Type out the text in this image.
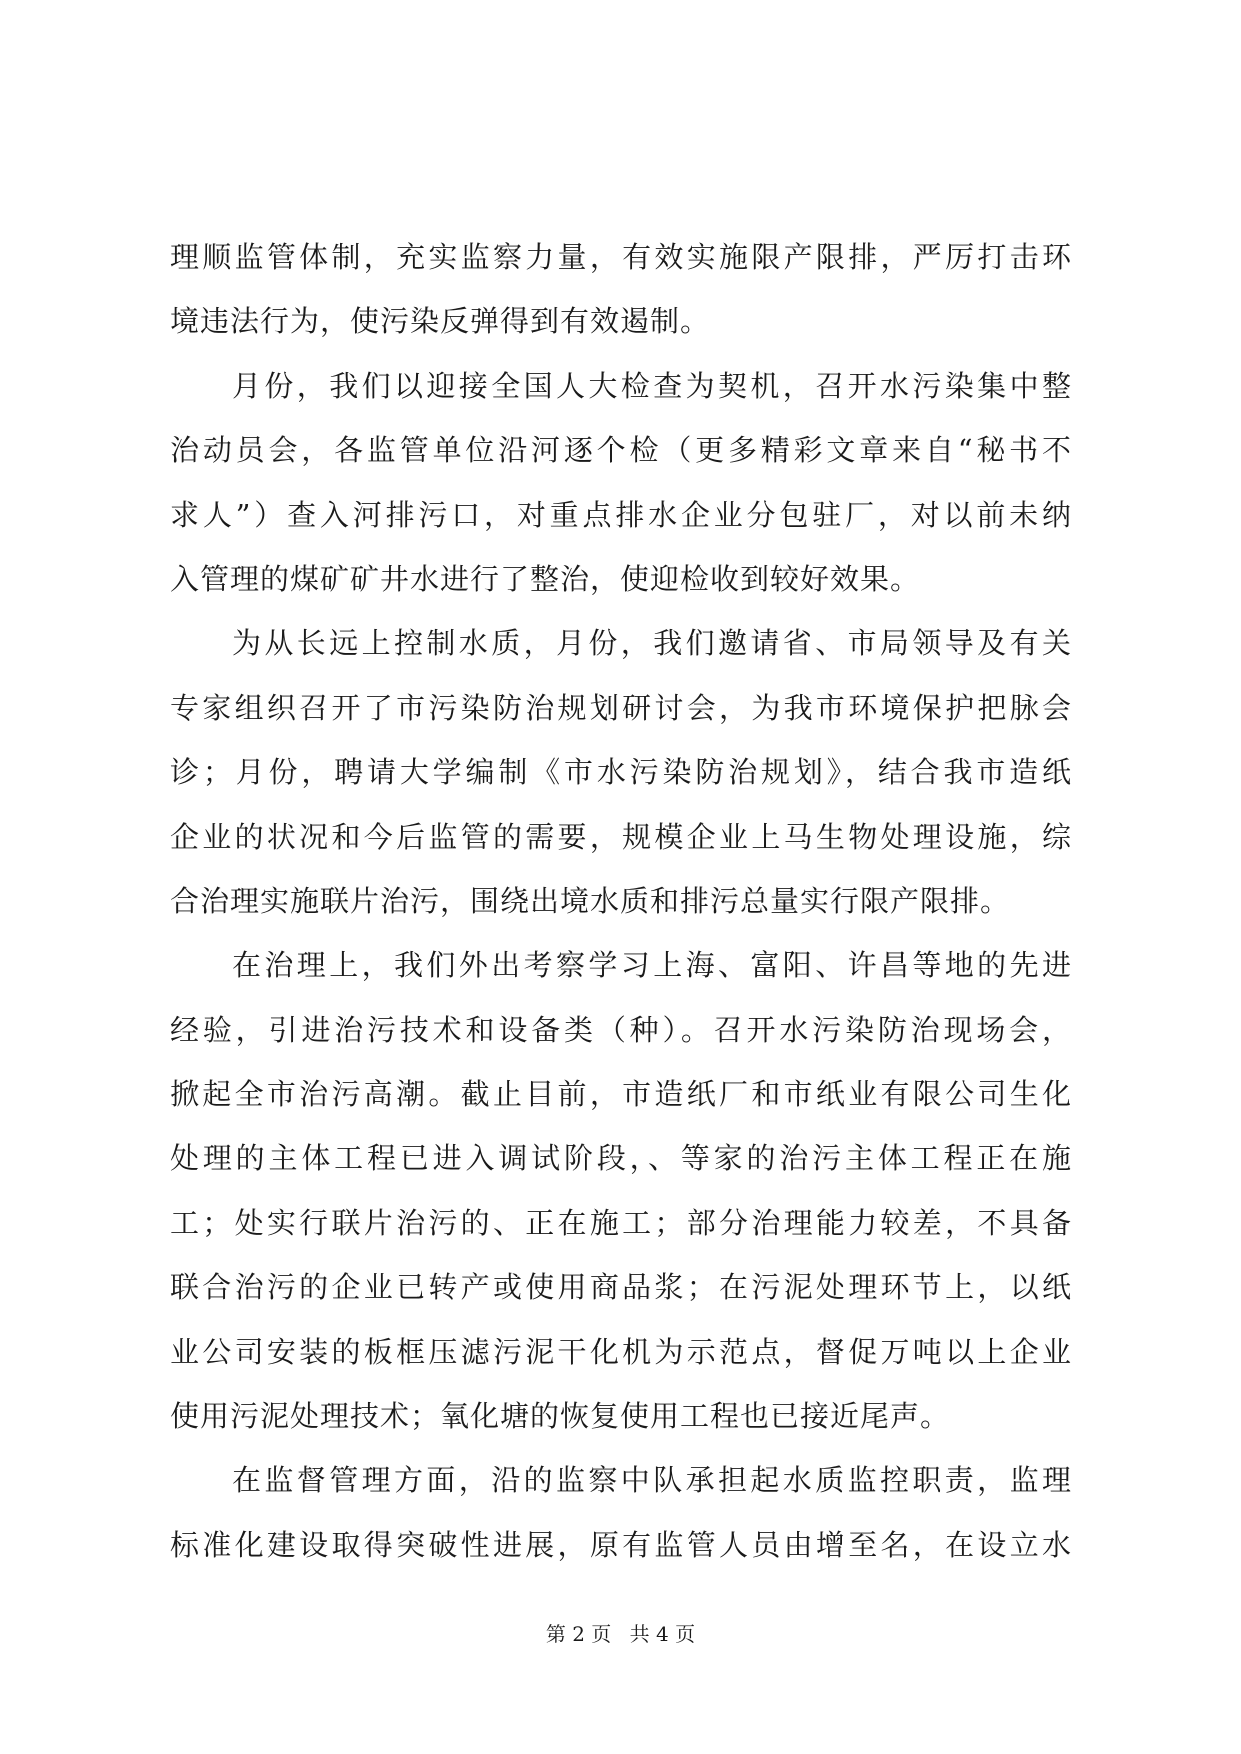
理顺监管体制，充实监察力量，有效实施限产限排，严厉打击环
境违法行为，使污染反弹得到有效遏制。
月份，我们以迎接全国人大检查为契机，召开水污染集中整
治动员会，各监管单位沿河逐个检（更多精彩文章来自“秘书不
求人”）查入河排污口，对重点排水企业分包驻厂，对以前未纳
入管理的煤矿矿井水进行了整治，使迎检收到较好效果。
为从长远上控制水质，月份，我们邀请省、市局领导及有关
专家组织召开了市污染防治规划研讨会，为我市环境保护把脉会
诊；月份，聘请大学编制《市水污染防治规划》，结合我市造纸
企业的状况和今后监管的需要，规模企业上马生物处理设施，综
合治理实施联片治污，围绕出境水质和排污总量实行限产限排。
在治理上，我们外出考察学习上海、富阳、许昌等地的先进
经验，引进治污技术和设备类（种）。召开水污染防治现场会，
掀起全市治污高潮。截止目前，市造纸厂和市纸业有限公司生化
处理的主体工程已进入调试阶段，、等家的治污主体工程正在施
工；处实行联片治污的、正在施工；部分治理能力较差，不具备
联合治污的企业已转产或使用商品浆；在污泥处理环节上，以纸
业公司安装的板框压滤污泥干化机为示范点，督促万吨以上企业
使用污泥处理技术；氧化塘的恢复使用工程也已接近尾声。
在监督管理方面，沿的监察中队承担起水质监控职责，监理
标准化建设取得突破性进展，原有监管人员由增至名，在设立水
第 2 页 共 4 页
